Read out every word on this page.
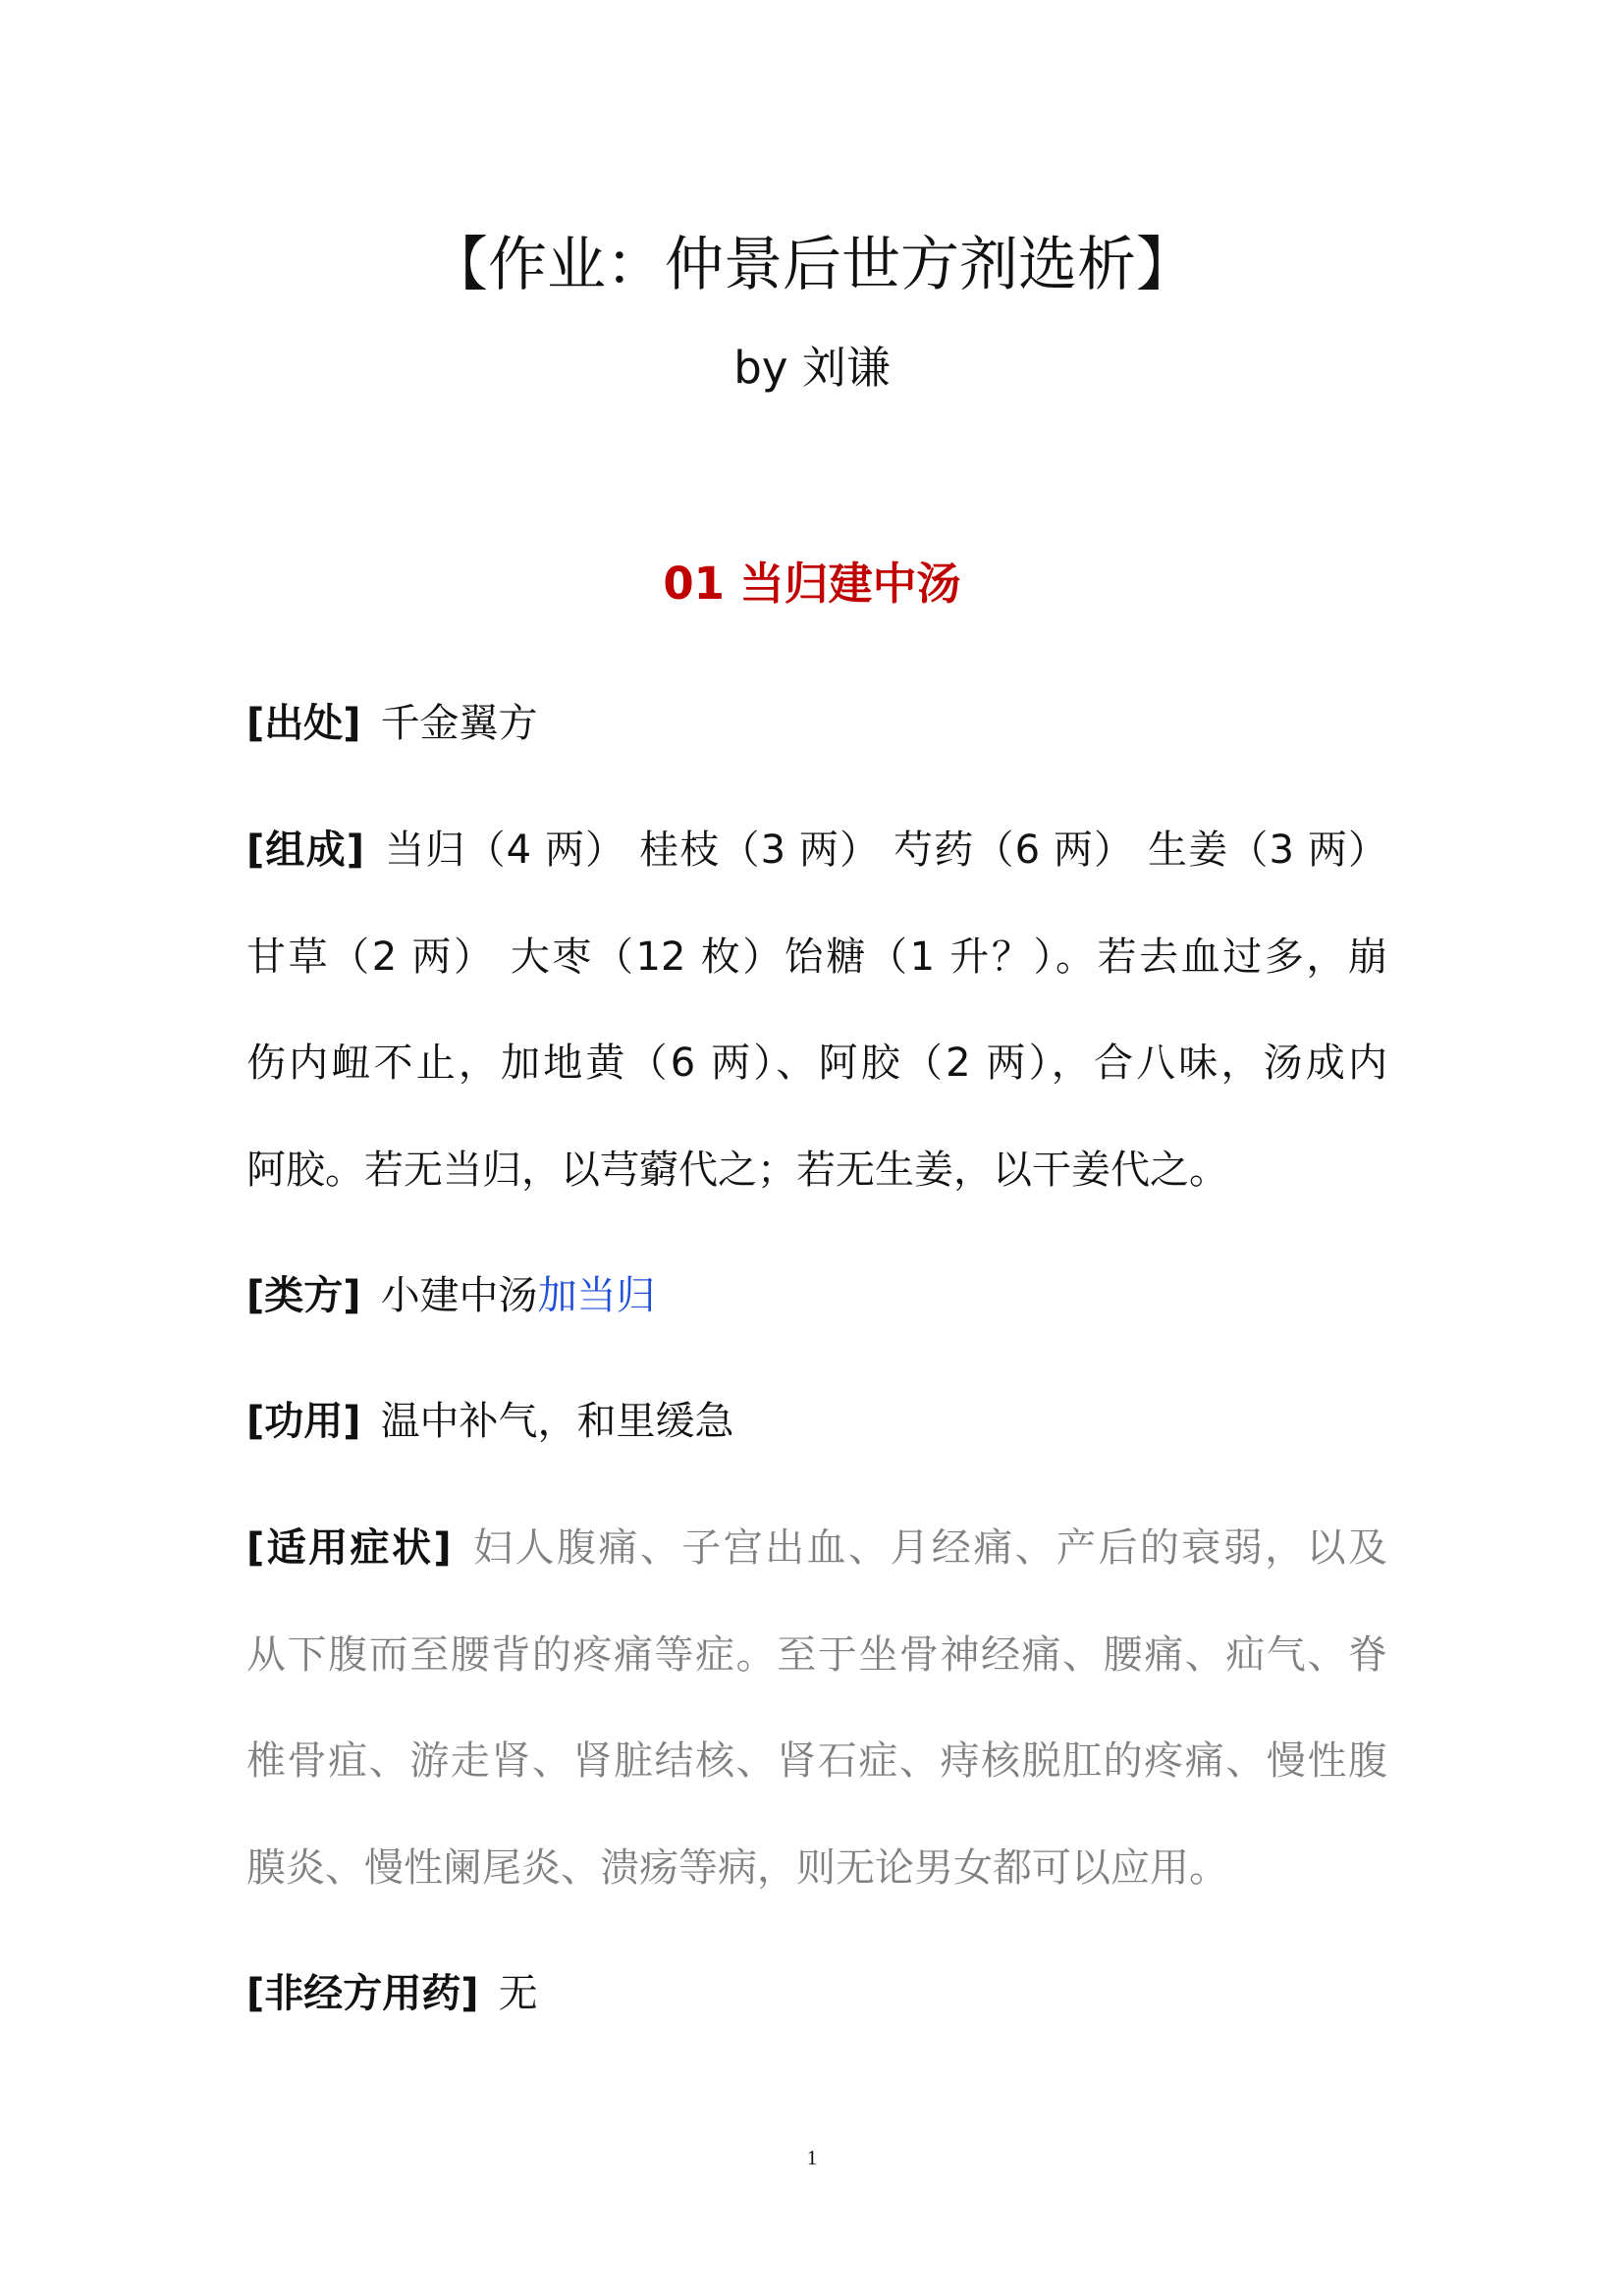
【作业：仲景后世方剂选析】
by 刘谦
01 当归建中汤
[出处] 千金翼方
[组成] 当归（4 两） 桂枝（3 两） 芍药（6 两） 生姜（3 两）
甘草（2 两） 大枣（12 枚）饴糖（1 升？）。若去血过多，崩
伤内衄不止，加地黄（6 两）、阿胶（2 两），合八味，汤成内
阿胶。若无当归，以芎藭代之；若无生姜，以干姜代之。
[类方] 小建中汤加当归
[功用] 温中补气，和里缓急
[适用症状] 妇人腹痛、子宫出血、月经痛、产后的衰弱，以及
从下腹而至腰背的疼痛等症。至于坐骨神经痛、腰痛、疝气、脊
椎骨疽、游走肾、肾脏结核、肾石症、痔核脱肛的疼痛、慢性腹
膜炎、慢性阑尾炎、溃疡等病，则无论男女都可以应用。
[非经方用药] 无
1
